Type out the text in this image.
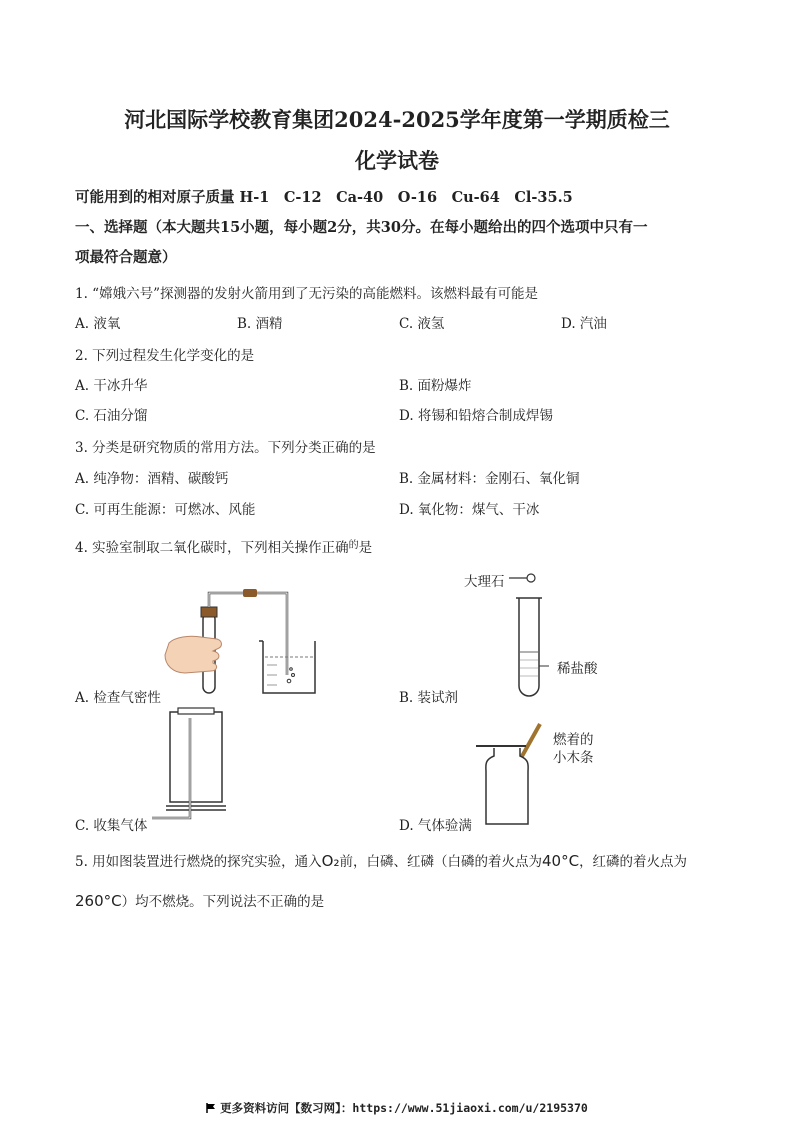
河北国际学校教育集团2024-2025学年度第一学期质检三
化学试卷
可能用到的相对原子质量 H-1　C-12　Ca-40　O-16　Cu-64　Cl-35.5
一、选择题（本大题共15小题，每小题2分，共30分。在每小题给出的四个选项中只有一
项最符合题意）
1. “嫦娥六号”探测器的发射火箭用到了无污染的高能燃料。该燃料最有可能是
A. 液氧	B. 酒精	C. 液氢	D. 汽油
2. 下列过程发生化学变化的是
A. 干冰升华	B. 面粉爆炸
C. 石油分馏	D. 将锡和铅熔合制成焊锡
3. 分类是研究物质的常用方法。下列分类正确的是
A. 纯净物：酒精、碳酸钙	B. 金属材料：金刚石、氧化铜
C. 可再生能源：可燃冰、风能	D. 氧化物：煤气、干冰
4. 实验室制取二氧化碳时，下列相关操作正确$^的$是
A. 检查气密性
大理石
稀盐酸
B. 装试剂
C. 收集气体
燃着的
小木条
D. 气体验满
5. 用如图装置进行燃烧的探究实验，通入O₂前，白磷、红磷（白磷的着火点为40°C，红磷的着火点为
260°C）均不燃烧。下列说法不正确的是
更多资料访问【数习网】：https://www.51jiaoxi.com/u/2195370
